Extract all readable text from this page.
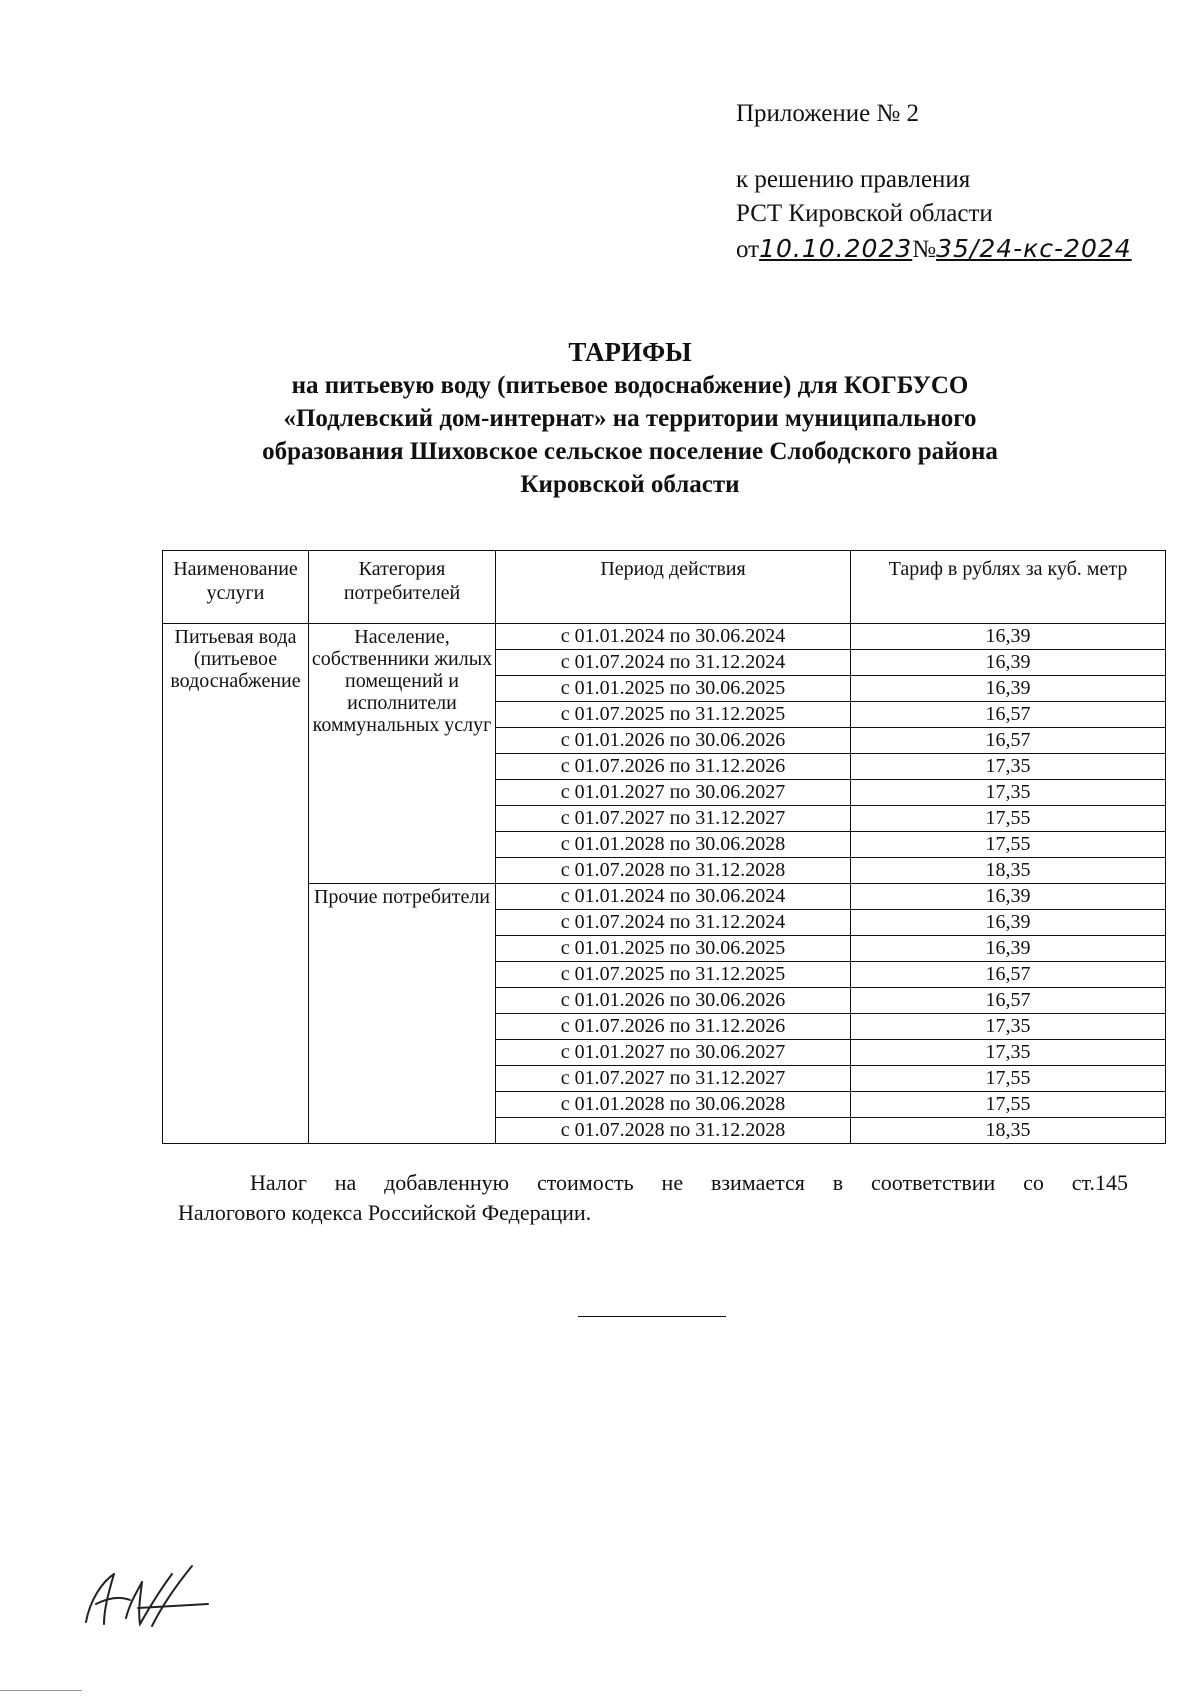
Приложение № 2
к решению правления
РСТ Кировской области
от10.10.2023№35/24-кс-2024
ТАРИФЫ
на питьевую воду (питьевое водоснабжение) для КОГБУСО
«Подлевский дом-интернат» на территории муниципального
образования Шиховское сельское поселение Слободского района
Кировской области
Наименование услуги	Категория потребителей	Период действия	Тариф в рублях за куб. метр
Питьевая вода (питьевое водоснабжение	Население, собственники жилых помещений и исполнители коммунальных услуг	с 01.01.2024 по 30.06.2024	16,39
		с 01.07.2024 по 31.12.2024	16,39
		с 01.01.2025 по 30.06.2025	16,39
		с 01.07.2025 по 31.12.2025	16,57
		с 01.01.2026 по 30.06.2026	16,57
		с 01.07.2026 по 31.12.2026	17,35
		с 01.01.2027 по 30.06.2027	17,35
		с 01.07.2027 по 31.12.2027	17,55
		с 01.01.2028 по 30.06.2028	17,55
		с 01.07.2028 по 31.12.2028	18,35
	Прочие потребители	с 01.01.2024 по 30.06.2024	16,39
		с 01.07.2024 по 31.12.2024	16,39
		с 01.01.2025 по 30.06.2025	16,39
		с 01.07.2025 по 31.12.2025	16,57
		с 01.01.2026 по 30.06.2026	16,57
		с 01.07.2026 по 31.12.2026	17,35
		с 01.01.2027 по 30.06.2027	17,35
		с 01.07.2027 по 31.12.2027	17,55
		с 01.01.2028 по 30.06.2028	17,55
		с 01.07.2028 по 31.12.2028	18,35
Налог на добавленную стоимость не взимается в соответствии со ст.145
Налогового кодекса Российской Федерации.
